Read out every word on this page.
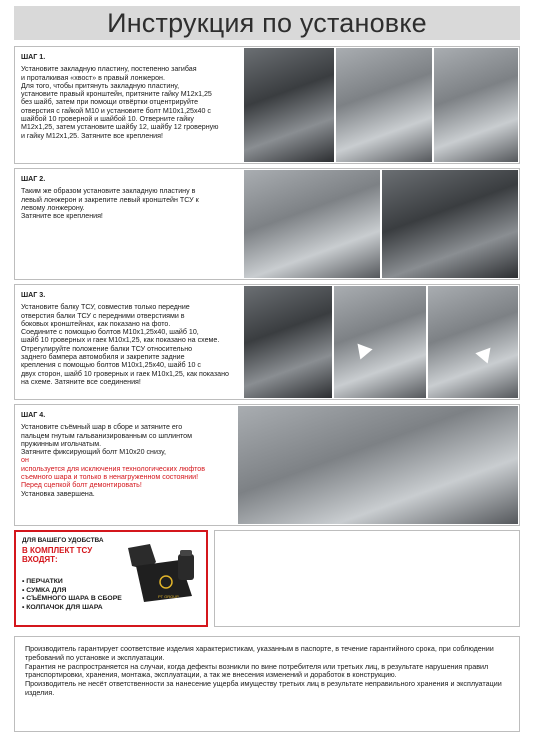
Инструкция по установке
ШАГ 1.
Установите закладную пластину, постепенно загибая
и проталкивая «хвост» в правый лонжерон.
Для того, чтобы притянуть закладную пластину,
установите правый кронштейн, притяните гайку М12х1,25
без шайб, затем при помощи отвёртки отцентрируйте
отверстия с гайкой М10 и установите болт М10х1,25х40 с
шайбой 10 гроверной и шайбой 10. Отверните гайку
М12х1,25, затем установите шайбу 12, шайбу 12 гроверную
и гайку М12х1,25. Затяните все крепления!
ШАГ 2.
Таким же образом установите закладную пластину в
левый лонжерон и закрепите левый кронштейн ТСУ к
левому лонжерону.
Затяните все крепления!
ШАГ 3.
Установите балку ТСУ, совместив только передние
отверстия балки ТСУ с передними отверстиями в
боковых кронштейнах, как показано на фото.
Соедините с помощью болтов М10х1,25х40, шайб 10,
шайб 10 гроверных и гаек М10х1,25, как показано на схеме.
Отрегулируйте положение балки ТСУ относительно
заднего бампера автомобиля и закрепите задние
крепления с помощью болтов М10х1,25х40, шайб 10 с
двух сторон, шайб 10 гроверных и гаек М10х1,25, как показано
на схеме. Затяните все соединения!
ШАГ 4.
Установите съёмный шар в сборе и затяните его
пальцем гнутым гальванизированным со шплинтом
пружинным игольчатым.
Затяните фиксирующий болт М10х20 снизу,
он
используется для исключения технологических люфтов
съемного шара и только в ненагруженном состоянии!
Перед сцепкой болт демонтировать!
Установка завершена.
ДЛЯ ВАШЕГО УДОБСТВА
В КОМПЛЕКТ ТСУ
ВХОДЯТ:
• ПЕРЧАТКИ
• СУМКА ДЛЯ
• СЪЁМНОГО ШАРА В СБОРЕ
• КОЛПАЧОК ДЛЯ ШАРА
PT GROUP

Производитель гарантирует соответствие изделия характеристикам, указанным в паспорте, в течение гарантийного срока, при соблюдении требований по установке и эксплуатации.

Гарантия не распространяется на случаи, когда дефекты возникли по вине потребителя или третьих лиц, в результате нарушения правил транспортировки, хранения, монтажа, эксплуатации, а так же внесения изменений и доработок в конструкцию.

Производитель не несёт ответственности за нанесение ущерба имуществу третьих лиц в результате неправильного хранения и эксплуатации изделия.
